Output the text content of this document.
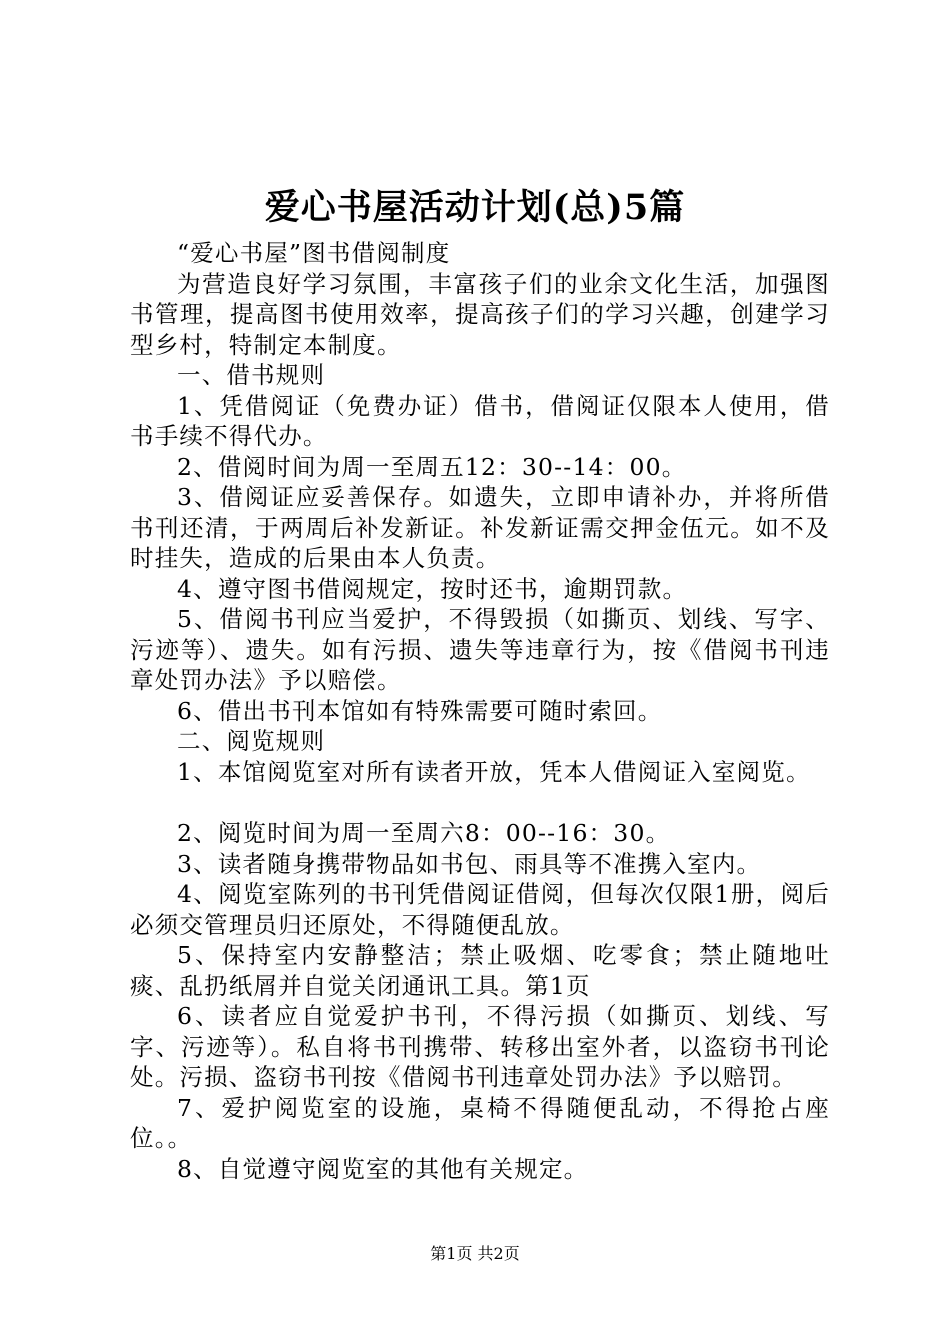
爱心书屋活动计划(总)5篇

“爱心书屋”图书借阅制度

为营造良好学习氛围，丰富孩子们的业余文化生活，加强图书管理，提高图书使用效率，提高孩子们的学习兴趣，创建学习型乡村，特制定本制度。

一、借书规则

1、凭借阅证（免费办证）借书，借阅证仅限本人使用，借书手续不得代办。

2、借阅时间为周一至周五12：30--14：00。

3、借阅证应妥善保存。如遗失，立即申请补办，并将所借书刊还清，于两周后补发新证。补发新证需交押金伍元。如不及时挂失，造成的后果由本人负责。

4、遵守图书借阅规定，按时还书，逾期罚款。

5、借阅书刊应当爱护，不得毁损（如撕页、划线、写字、污迹等）、遗失。如有污损、遗失等违章行为，按《借阅书刊违章处罚办法》予以赔偿。

6、借出书刊本馆如有特殊需要可随时索回。

二、阅览规则

1、本馆阅览室对所有读者开放，凭本人借阅证入室阅览。

2、阅览时间为周一至周六8：00--16：30。

3、读者随身携带物品如书包、雨具等不准携入室内。

4、阅览室陈列的书刊凭借阅证借阅，但每次仅限1册，阅后必须交管理员归还原处，不得随便乱放。

5、保持室内安静整洁；禁止吸烟、吃零食；禁止随地吐痰、乱扔纸屑并自觉关闭通讯工具。第1页

6、读者应自觉爱护书刊，不得污损（如撕页、划线、写字、污迹等）。私自将书刊携带、转移出室外者，以盗窃书刊论处。污损、盗窃书刊按《借阅书刊违章处罚办法》予以赔罚。

7、爱护阅览室的设施，桌椅不得随便乱动，不得抢占座位。。

8、自觉遵守阅览室的其他有关规定。

第1页 共2页
